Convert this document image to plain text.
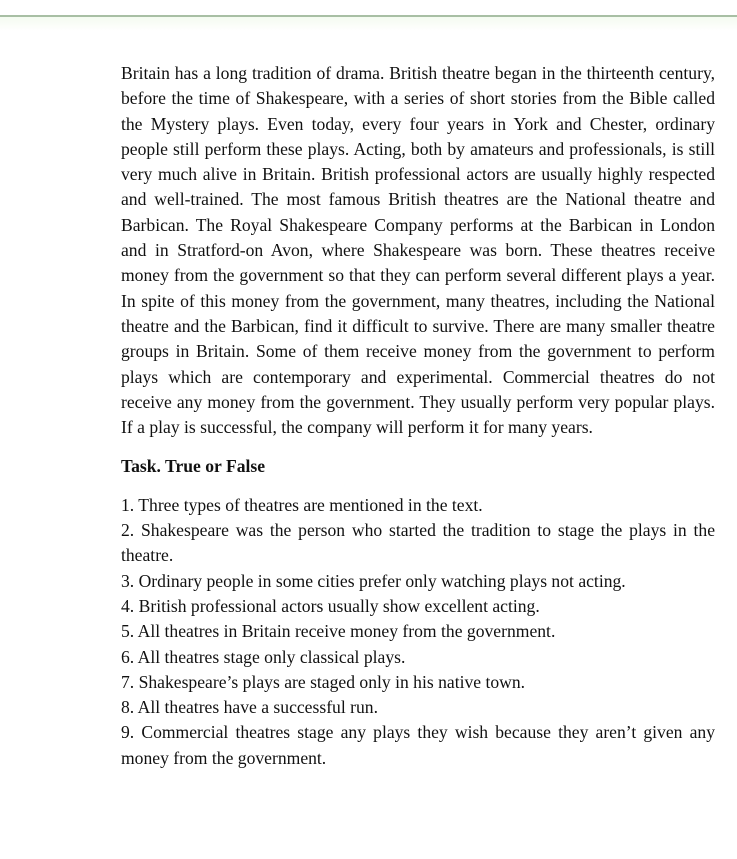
Britain has a long tradition of drama. British theatre began in the thirteenth century, before the time of Shakespeare, with a series of short stories from the Bible called the Mystery plays. Even today, every four years in York and Chester, ordinary people still perform these plays. Acting, both by amateurs and professionals, is still very much alive in Britain. British professional actors are usually highly respected and well-trained. The most famous British theatres are the National theatre and Barbican. The Royal Shakespeare Company performs at the Barbican in London and in Stratford-on Avon, where Shakespeare was born. These theatres receive money from the government so that they can perform several different plays a year. In spite of this money from the government, many theatres, including the National theatre and the Barbican, find it difficult to survive. There are many smaller theatre groups in Britain. Some of them receive money from the government to perform plays which are contemporary and experimental. Commercial theatres do not receive any money from the government. They usually perform very popular plays. If a play is successful, the company will perform it for many years.

Task. True or False
1. Three types of theatres are mentioned in the text.
2. Shakespeare was the person who started the tradition to stage the plays in the theatre.
3. Ordinary people in some cities prefer only watching plays not acting.
4. British professional actors usually show excellent acting.
5. All theatres in Britain receive money from the government.
6. All theatres stage only classical plays.
7. Shakespeare’s plays are staged only in his native town.
8. All theatres have a successful run.
9. Commercial theatres stage any plays they wish because they aren’t given any money from the government.
